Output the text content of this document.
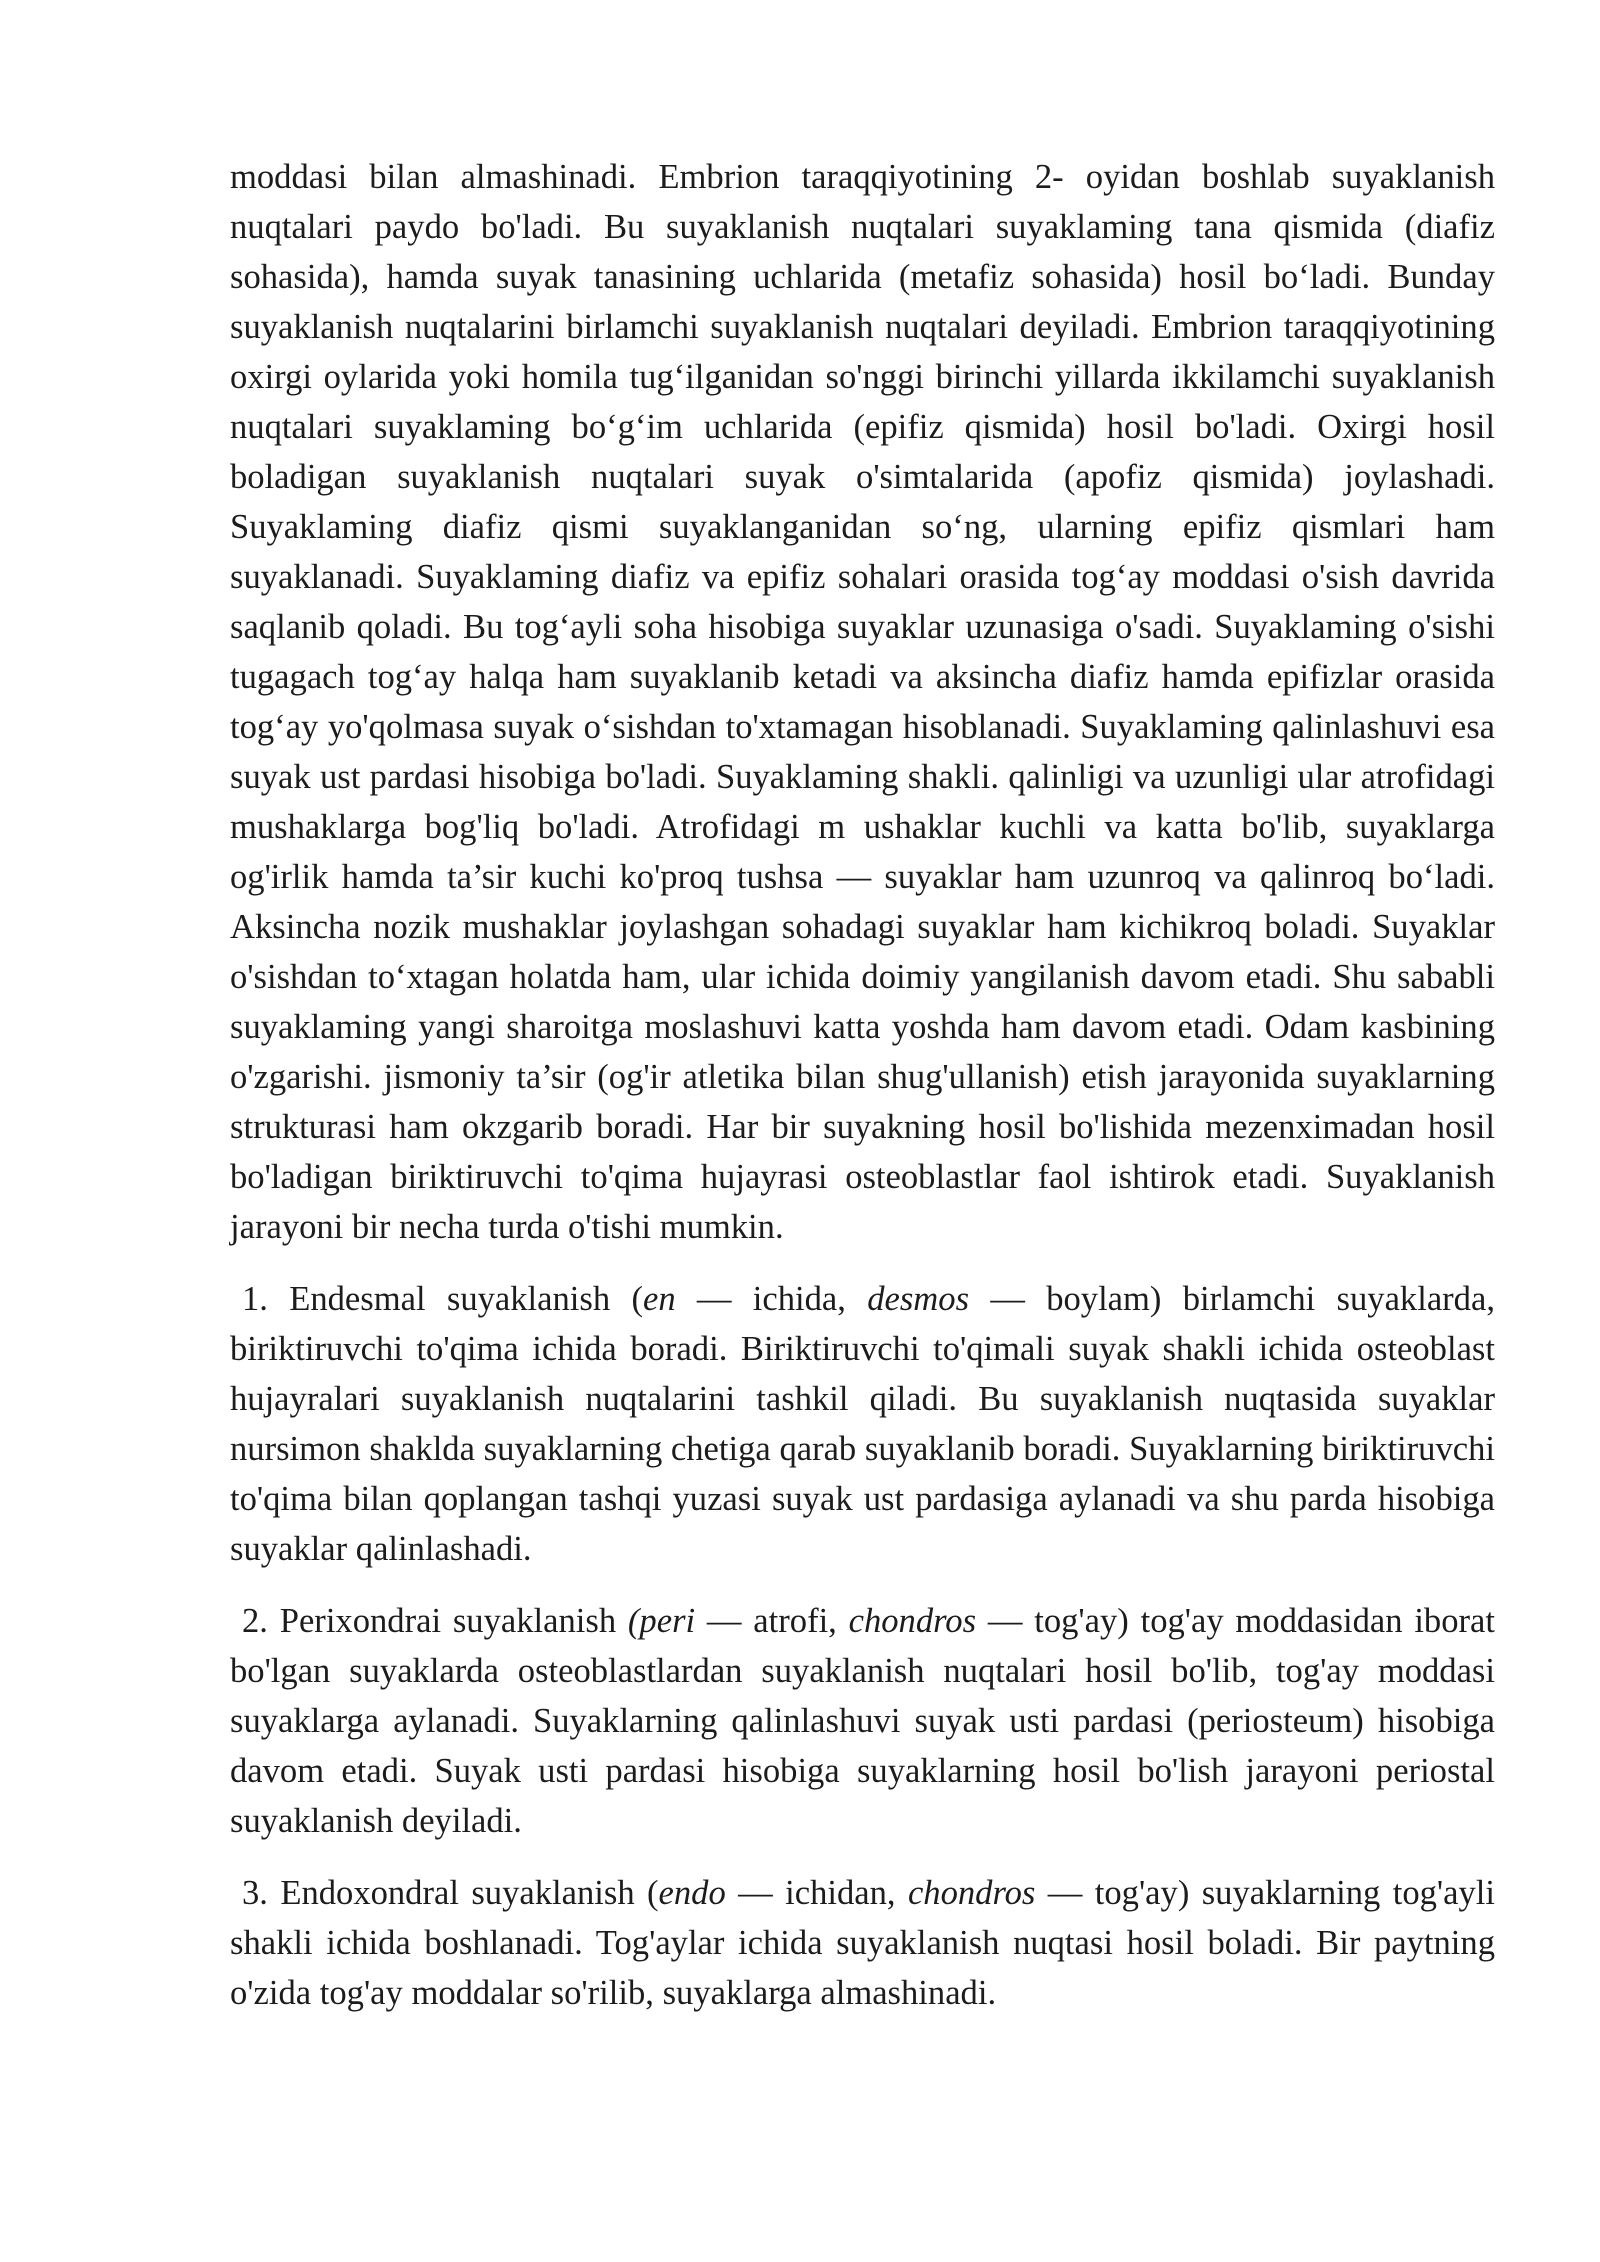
moddasi bilan almashinadi. Embrion taraqqiyotining 2- oyidan boshlab suyaklanish nuqtalari paydo bo'ladi. Bu suyaklanish nuqtalari suyaklaming tana qismida (diafiz sohasida), hamda suyak tanasining uchlarida (metafiz sohasida) hosil bo‘ladi. Bunday suyaklanish nuqtalarini birlamchi suyaklanish nuqtalari deyiladi. Embrion taraqqiyotining oxirgi oylarida yoki homila tug‘ilganidan so'nggi birinchi yillarda ikkilamchi suyaklanish nuqtalari suyaklaming bo‘g‘im uchlarida (epifiz qismida) hosil bo'ladi. Oxirgi hosil boladigan suyaklanish nuqtalari suyak o'simtalarida (apofiz qismida) joylashadi. Suyaklaming diafiz qismi suyaklanganidan so‘ng, ularning epifiz qismlari ham suyaklanadi. Suyaklaming diafiz va epifiz sohalari orasida tog‘ay moddasi o'sish davrida saqlanib qoladi. Bu tog‘ayli soha hisobiga suyaklar uzunasiga o'sadi. Suyaklaming o'sishi tugagach tog‘ay halqa ham suyaklanib ketadi va aksincha diafiz hamda epifizlar orasida tog‘ay yo'qolmasa suyak o‘sishdan to'xtamagan hisoblanadi. Suyaklaming qalinlashuvi esa suyak ust pardasi hisobiga bo'ladi. Suyaklaming shakli. qalinligi va uzunligi ular atrofidagi mushaklarga bog'liq bo'ladi. Atrofidagi m ushaklar kuchli va katta bo'lib, suyaklarga og'irlik hamda ta’sir kuchi ko'proq tushsa — suyaklar ham uzunroq va qalinroq bo‘ladi. Aksincha nozik mushaklar joylashgan sohadagi suyaklar ham kichikroq boladi. Suyaklar o'sishdan to‘xtagan holatda ham, ular ichida doimiy yangilanish davom etadi. Shu sababli suyaklaming yangi sharoitga moslashuvi katta yoshda ham davom etadi. Odam kasbining o'zgarishi. jismoniy ta’sir (og'ir atletika bilan shug'ullanish) etish jarayonida suyaklarning strukturasi ham okzgarib boradi. Har bir suyakning hosil bo'lishida mezenximadan hosil bo'ladigan biriktiruvchi to'qima hujayrasi osteoblastlar faol ishtirok etadi. Suyaklanish jarayoni bir necha turda o'tishi mumkin.

1. Endesmal suyaklanish (en — ichida, desmos — boylam) birlamchi suyaklarda, biriktiruvchi to'qima ichida boradi. Biriktiruvchi to'qimali suyak shakli ichida osteoblast hujayralari suyaklanish nuqtalarini tashkil qiladi. Bu suyaklanish nuqtasida suyaklar nursimon shaklda suyaklarning chetiga qarab suyaklanib boradi. Suyaklarning biriktiruvchi to'qima bilan qoplangan tashqi yuzasi suyak ust pardasiga aylanadi va shu parda hisobiga suyaklar qalinlashadi.

2. Perixondrai suyaklanish (peri — atrofi, chondros — tog'ay) tog'ay moddasidan iborat bo'lgan suyaklarda osteoblastlardan suyaklanish nuqtalari hosil bo'lib, tog'ay moddasi suyaklarga aylanadi. Suyaklarning qalinlashuvi suyak usti pardasi (periosteum) hisobiga davom etadi. Suyak usti pardasi hisobiga suyaklarning hosil bo'lish jarayoni periostal suyaklanish deyiladi.

3. Endoxondral suyaklanish (endo — ichidan, chondros — tog'ay) suyaklarning tog'ayli shakli ichida boshlanadi. Tog'aylar ichida suyaklanish nuqtasi hosil boladi. Bir paytning o'zida tog'ay moddalar so'rilib, suyaklarga almashinadi.
